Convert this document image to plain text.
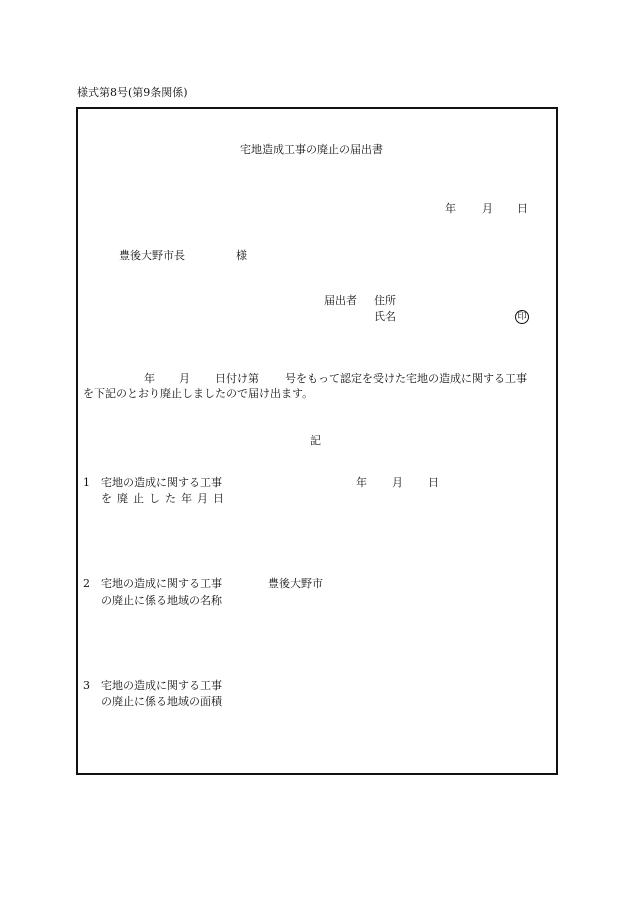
様式第8号(第9条関係)
宅地造成工事の廃止の届出書
年 月 日
豊後大野市長	様
届出者 住所
氏名	印
年 月 日付け第 号をもって認定を受けた宅地の造成に関する工事
を下記のとおり廃止しましたので届け出ます。
記
1 宅地の造成に関する工事
を廃止した年月日
年 月 日
2 宅地の造成に関する工事
の廃止に係る地域の名称
豊後大野市
3 宅地の造成に関する工事
の廃止に係る地域の面積
